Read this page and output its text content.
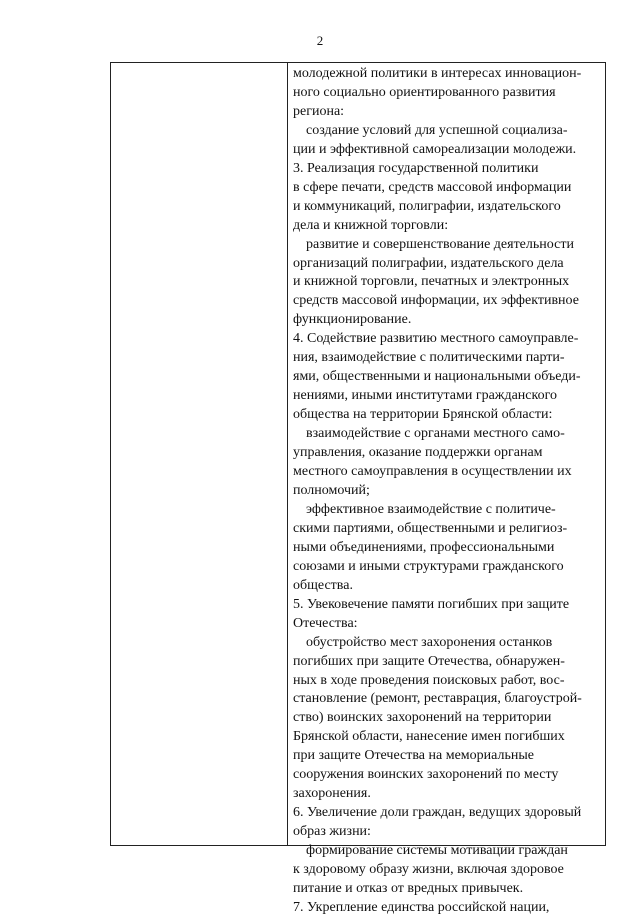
2
молодежной политики в интересах инновацион-
ного социально ориентированного развития
региона:
создание условий для успешной социализа-
ции и эффективной самореализации молодежи.
3. Реализация государственной политики
в сфере печати, средств массовой информации
и коммуникаций, полиграфии, издательского
дела и книжной торговли:
развитие и совершенствование деятельности
организаций полиграфии, издательского дела
и книжной торговли, печатных и электронных
средств массовой информации, их эффективное
функционирование.
4. Содействие развитию местного самоуправле-
ния, взаимодействие с политическими парти-
ями, общественными и национальными объеди-
нениями, иными институтами гражданского
общества на территории Брянской области:
взаимодействие с органами местного само-
управления, оказание поддержки органам
местного самоуправления в осуществлении их
полномочий;
эффективное взаимодействие с политиче-
скими партиями, общественными и религиоз-
ными объединениями, профессиональными
союзами и иными структурами гражданского
общества.
5. Увековечение памяти погибших при защите
Отечества:
обустройство мест захоронения останков
погибших при защите Отечества, обнаружен-
ных в ходе проведения поисковых работ, вос-
становление (ремонт, реставрация, благоустрой-
ство) воинских захоронений на территории
Брянской области, нанесение имен погибших
при защите Отечества на мемориальные
сооружения воинских захоронений по месту
захоронения.
6. Увеличение доли граждан, ведущих здоровый
образ жизни:
формирование системы мотивации граждан
к здоровому образу жизни, включая здоровое
питание и отказ от вредных привычек.
7. Укрепление единства российской нации,
